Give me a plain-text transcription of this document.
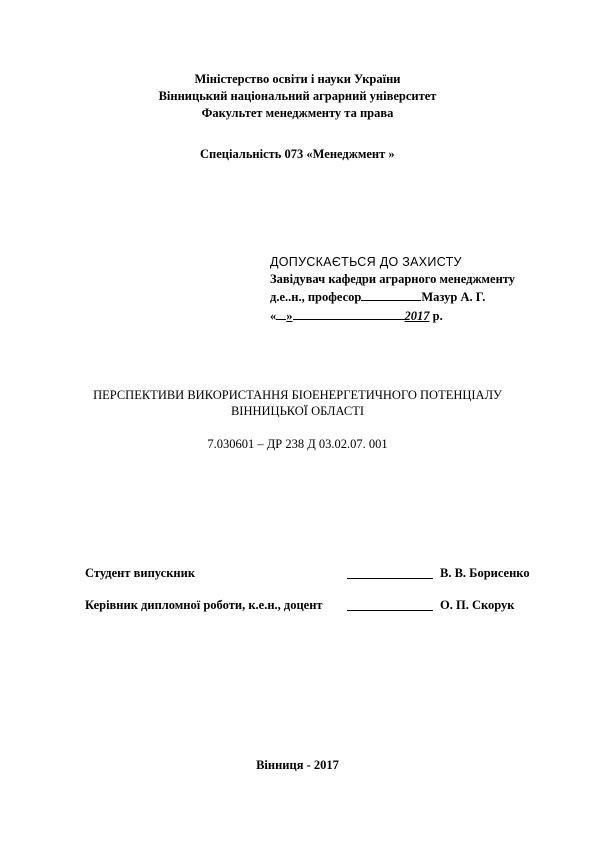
Міністерство освіти і науки України
Вінницький національний аграрний університет
Факультет менеджменту та права
Спеціальність 073 «Менеджмент »
ДОПУСКАЄТЬСЯ ДО ЗАХИСТУ
Завідувач кафедри аграрного менеджменту
д.е..н., професор	Мазур А. Г.
« »	2017 р.
ПЕРСПЕКТИВИ ВИКОРИСТАННЯ БІОЕНЕРГЕТИЧНОГО ПОТЕНЦІАЛУ
ВІННИЦЬКОЇ ОБЛАСТІ
7.030601 – ДР 238 Д 03.02.07. 001
Студент випускник	В. В. Борисенко
Керівник дипломної роботи, к.е.н., доцент	О. П. Скорук
Вінниця - 2017
